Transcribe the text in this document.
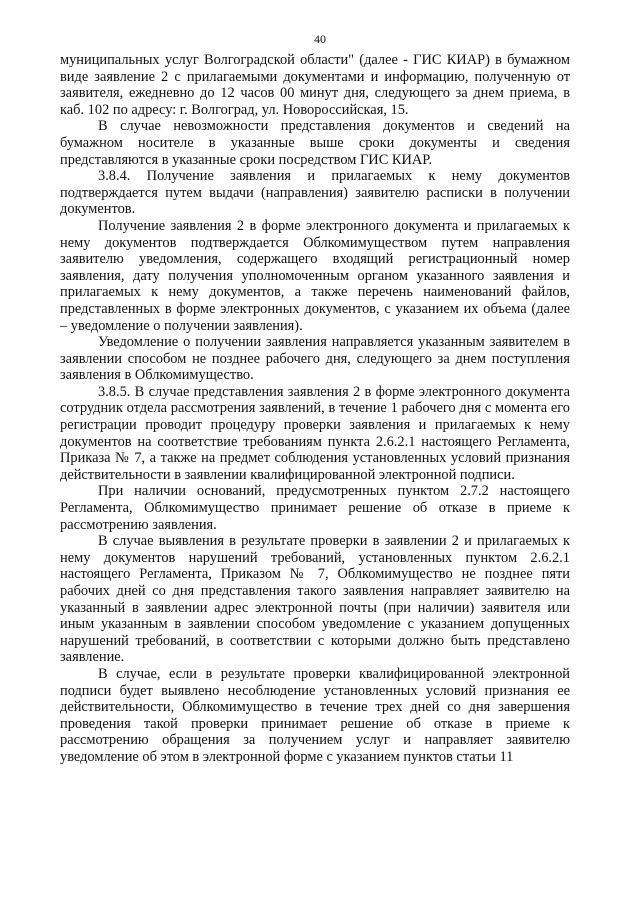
40

муниципальных услуг Волгоградской области" (далее - ГИС КИАР) в бумажном виде заявление 2 с прилагаемыми документами и информацию, полученную от заявителя, ежедневно до 12 часов 00 минут дня, следующего за днем приема, в каб. 102 по адресу: г. Волгоград, ул. Новороссийская, 15.

В случае невозможности представления документов и сведений на бумажном носителе в указанные выше сроки документы и сведения представляются в указанные сроки посредством ГИС КИАР.

3.8.4. Получение заявления и прилагаемых к нему документов подтверждается путем выдачи (направления) заявителю расписки в получении документов.

Получение заявления 2 в форме электронного документа и прилагаемых к нему документов подтверждается Облкомимуществом путем направления заявителю уведомления, содержащего входящий регистрационный номер заявления, дату получения уполномоченным органом указанного заявления и прилагаемых к нему документов, а также перечень наименований файлов, представленных в форме электронных документов, с указанием их объема (далее – уведомление о получении заявления).

Уведомление о получении заявления направляется указанным заявителем в заявлении способом не позднее рабочего дня, следующего за днем поступления заявления в Облкомимущество.

3.8.5. В случае представления заявления 2 в форме электронного документа сотрудник отдела рассмотрения заявлений, в течение 1 рабочего дня с момента его регистрации проводит процедуру проверки заявления и прилагаемых к нему документов на соответствие требованиям пункта 2.6.2.1 настоящего Регламента, Приказа № 7, а также на предмет соблюдения установленных условий признания действительности в заявлении квалифицированной электронной подписи.

При наличии оснований, предусмотренных пунктом 2.7.2 настоящего Регламента, Облкомимущество принимает решение об отказе в приеме к рассмотрению заявления.

В случае выявления в результате проверки в заявлении 2 и прилагаемых к нему документов нарушений требований, установленных пунктом 2.6.2.1 настоящего Регламента, Приказом № 7, Облкомимущество не позднее пяти рабочих дней со дня представления такого заявления направляет заявителю на указанный в заявлении адрес электронной почты (при наличии) заявителя или иным указанным в заявлении способом уведомление с указанием допущенных нарушений требований, в соответствии с которыми должно быть представлено заявление.

В случае, если в результате проверки квалифицированной электронной подписи будет выявлено несоблюдение установленных условий признания ее действительности, Облкомимущество в течение трех дней со дня завершения проведения такой проверки принимает решение об отказе в приеме к рассмотрению обращения за получением услуг и направляет заявителю уведомление об этом в электронной форме с указанием пунктов статьи 11
